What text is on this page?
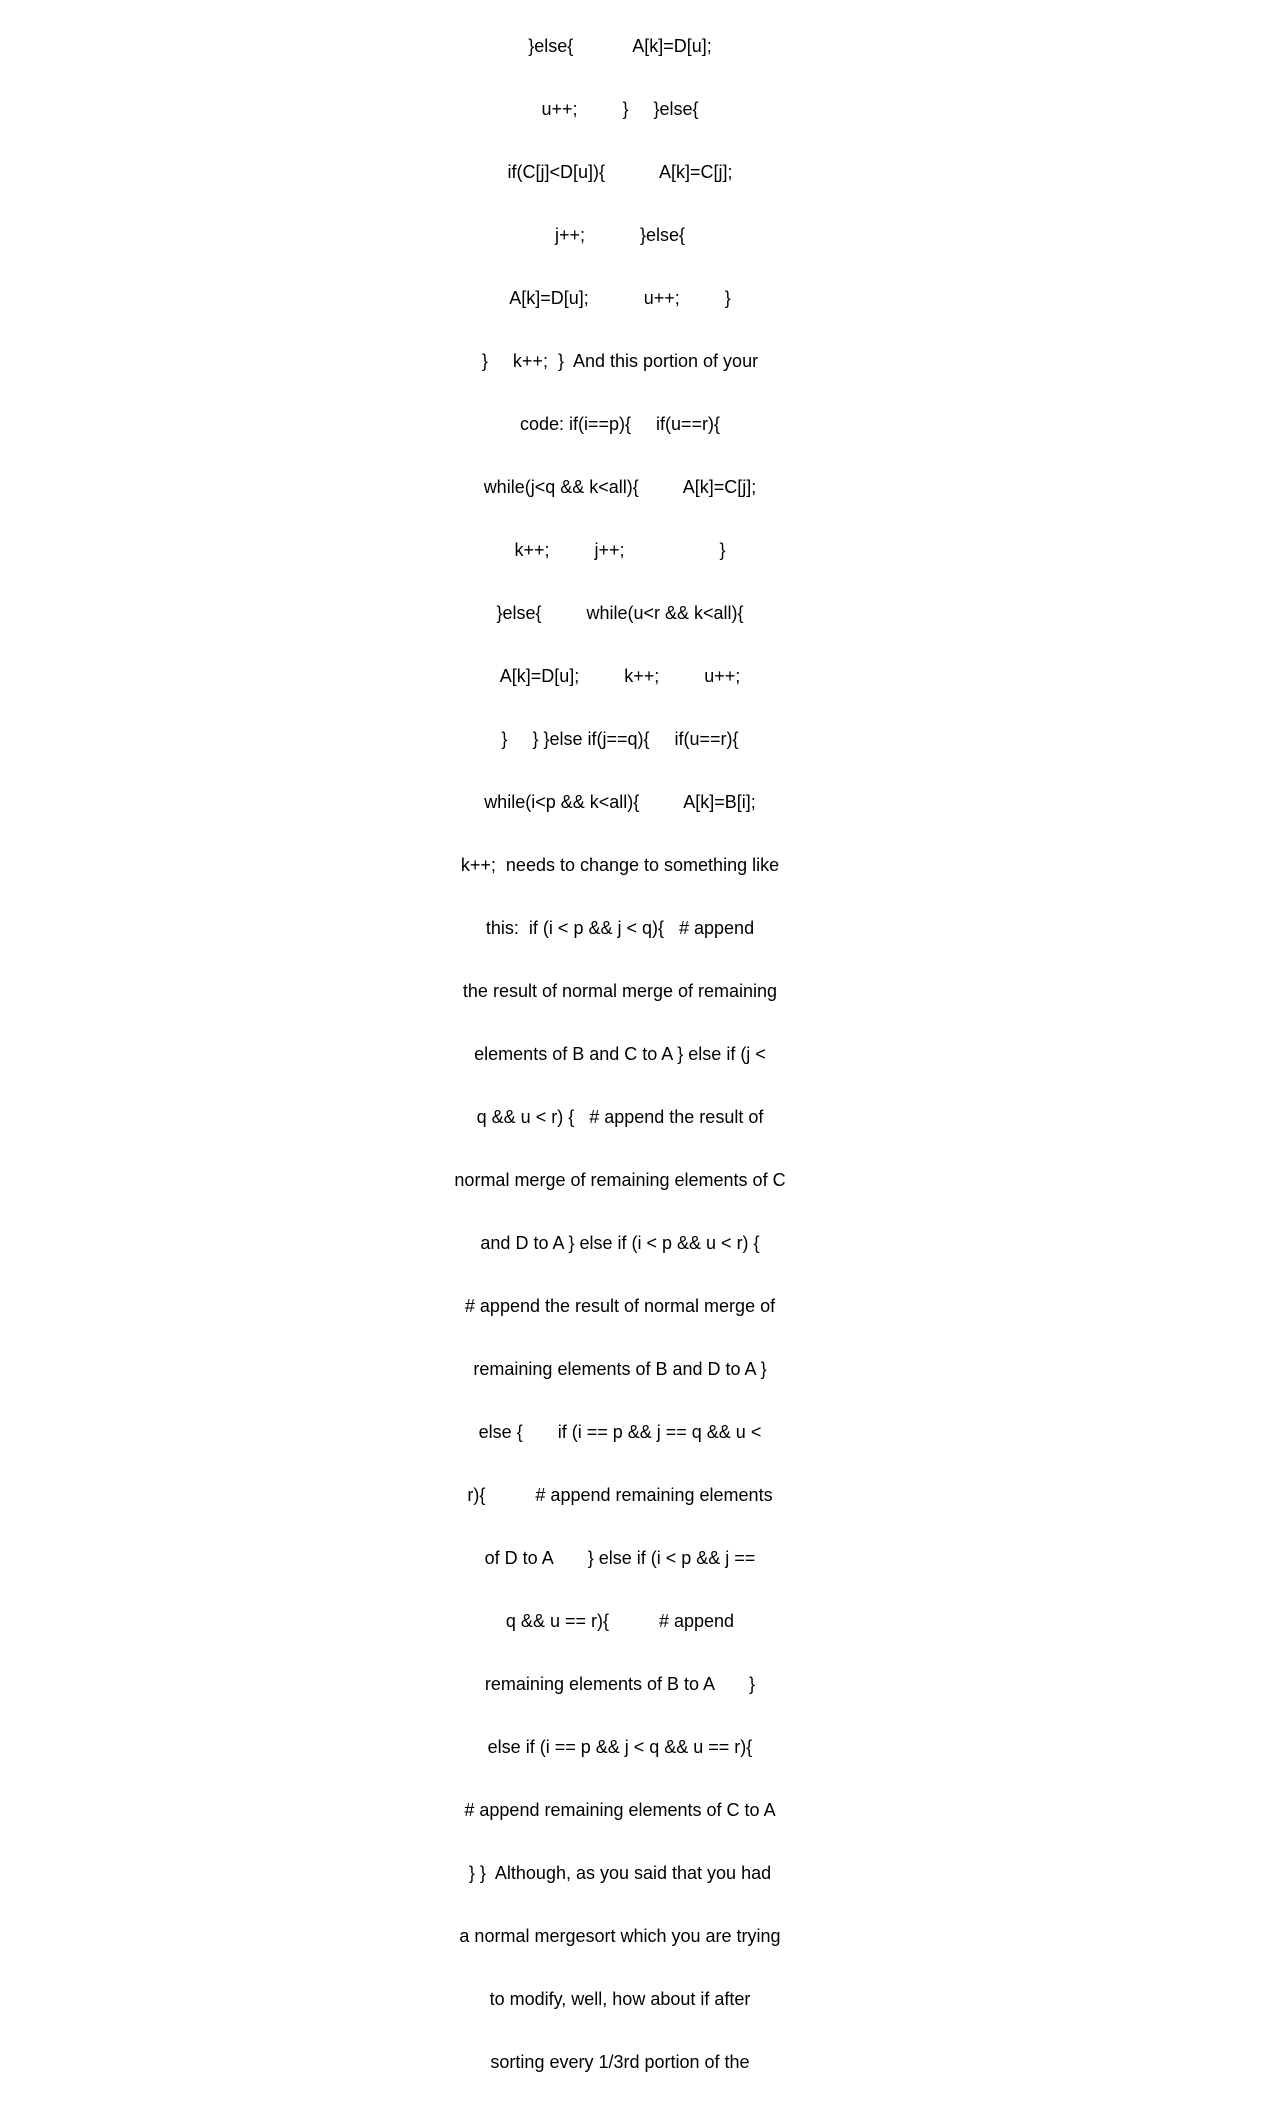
}else{            A[k]=D[u];

u++;         }     }else{

if(C[j]<D[u]){           A[k]=C[j];

j++;           }else{

A[k]=D[u];           u++;         }

}     k++;  }  And this portion of your

code: if(i==p){     if(u==r){

while(j<q && k<all){         A[k]=C[j];

k++;         j++;                   }

}else{         while(u<r && k<all){

A[k]=D[u];         k++;         u++;

}     } }else if(j==q){     if(u==r){

while(i<p && k<all){         A[k]=B[i];

k++;  needs to change to something like

this:  if (i < p && j < q){   # append

the result of normal merge of remaining

elements of B and C to A } else if (j <

q && u < r) {   # append the result of

normal merge of remaining elements of C

and D to A } else if (i < p && u < r) {

# append the result of normal merge of

remaining elements of B and D to A }

else {       if (i == p && j == q && u <

r){          # append remaining elements

of D to A       } else if (i < p && j ==

q && u == r){          # append

remaining elements of B to A       }

else if (i == p && j < q && u == r){

# append remaining elements of C to A

} }  Although, as you said that you had

a normal mergesort which you are trying

to modify, well, how about if after

sorting every 1/3rd portion of the
